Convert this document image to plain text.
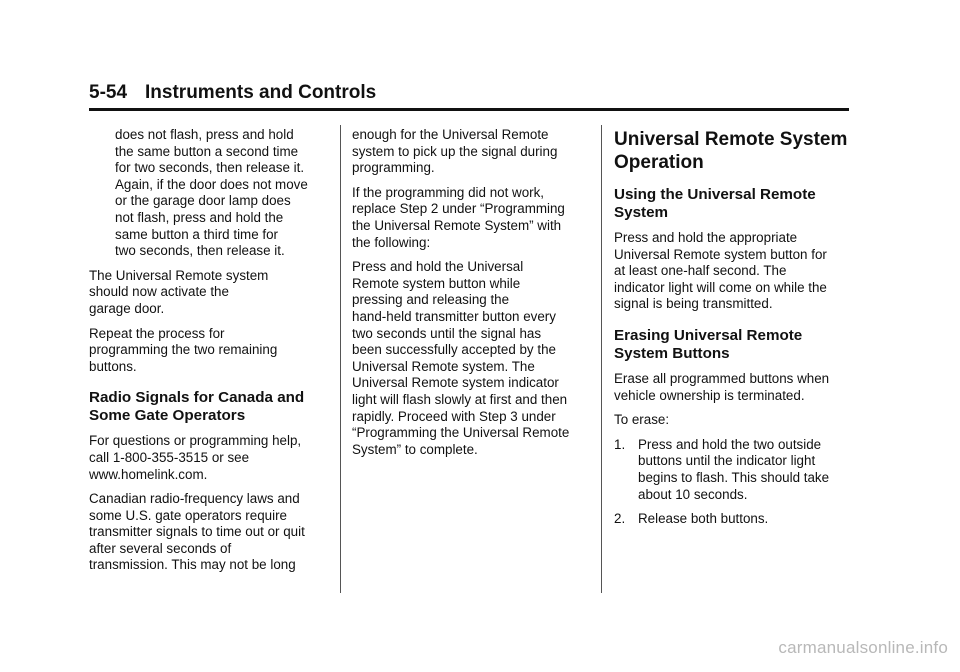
5-54 Instruments and Controls

does not flash, press and hold
the same button a second time
for two seconds, then release it.
Again, if the door does not move
or the garage door lamp does
not flash, press and hold the
same button a third time for
two seconds, then release it.

The Universal Remote system
should now activate the
garage door.

Repeat the process for
programming the two remaining
buttons.

Radio Signals for Canada and
Some Gate Operators

For questions or programming help,
call 1-800-355-3515 or see
www.homelink.com.

Canadian radio-frequency laws and
some U.S. gate operators require
transmitter signals to time out or quit
after several seconds of
transmission. This may not be long

enough for the Universal Remote
system to pick up the signal during
programming.

If the programming did not work,
replace Step 2 under “Programming
the Universal Remote System” with
the following:

Press and hold the Universal
Remote system button while
pressing and releasing the
hand-held transmitter button every
two seconds until the signal has
been successfully accepted by the
Universal Remote system. The
Universal Remote system indicator
light will flash slowly at first and then
rapidly. Proceed with Step 3 under
“Programming the Universal Remote
System” to complete.

Universal Remote System
Operation
Using the Universal Remote
System

Press and hold the appropriate
Universal Remote system button for
at least one-half second. The
indicator light will come on while the
signal is being transmitted.

Erasing Universal Remote
System Buttons

Erase all programmed buttons when
vehicle ownership is terminated.

To erase:

1. Press and hold the two outside
buttons until the indicator light
begins to flash. This should take
about 10 seconds.
2. Release both buttons.
carmanualsonline.info
